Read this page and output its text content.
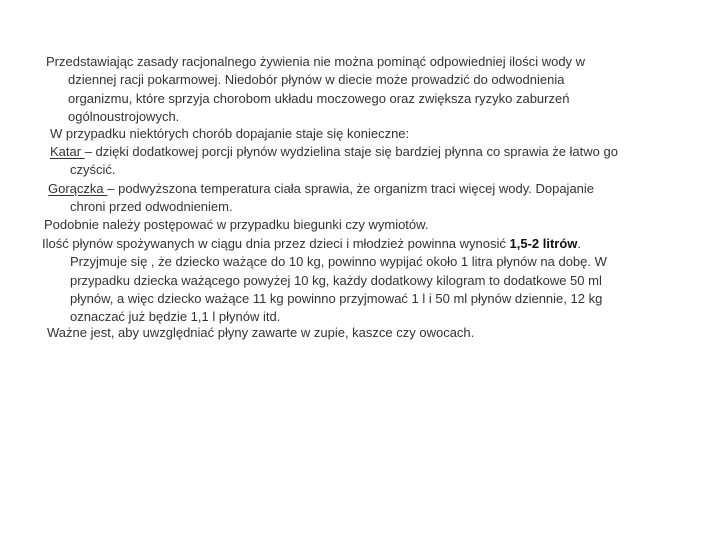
Przedstawiając zasady racjonalnego żywienia nie można pominąć odpowiedniej ilości wody w
dziennej racji pokarmowej. Niedobór płynów w diecie może prowadzić do odwodnienia
organizmu, które sprzyja chorobom układu moczowego oraz zwiększa ryzyko zaburzeń
ogólnoustrojowych.
W przypadku niektórych chorób dopajanie staje się konieczne:
Katar – dzięki dodatkowej porcji płynów wydzielina staje się bardziej płynna co sprawia że łatwo go
czyścić.
Gorączka – podwyższona temperatura ciała sprawia, że organizm traci więcej wody. Dopajanie
chroni przed odwodnieniem.
Podobnie należy postępować w przypadku biegunki czy wymiotów.
Ilość płynów spożywanych w ciągu dnia przez dzieci i młodzież powinna wynosić 1,5-2 litrów.
Przyjmuje się , że dziecko ważące do 10 kg, powinno wypijać około 1 litra płynów na dobę. W
przypadku dziecka ważącego powyżej 10 kg, każdy dodatkowy kilogram to dodatkowe 50 ml
płynów, a więc dziecko ważące 11 kg powinno przyjmować 1 l i 50 ml płynów dziennie, 12 kg
oznaczać już będzie 1,1 l płynów itd.
Ważne jest, aby uwzględniać płyny zawarte w zupie, kaszce czy owocach.
